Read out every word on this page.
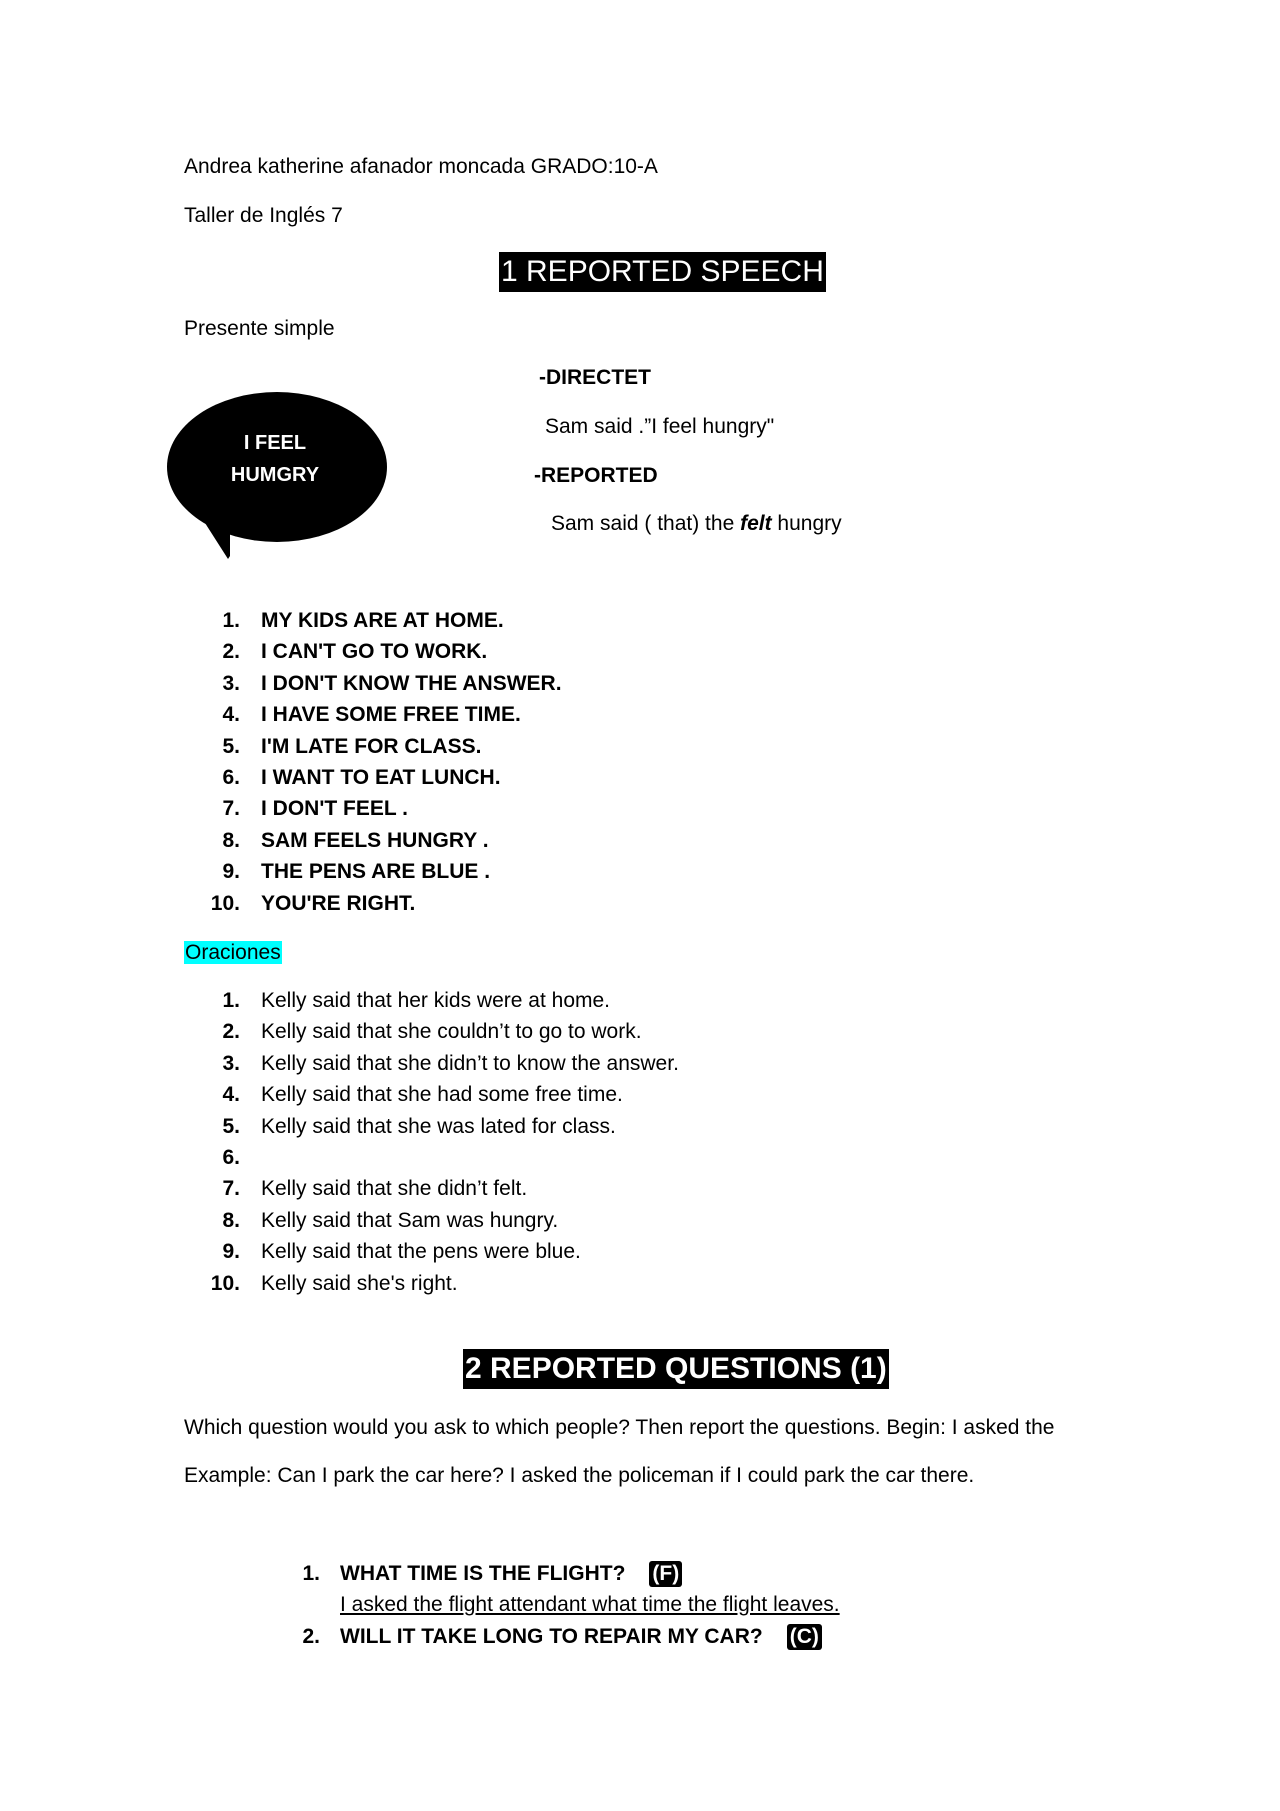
Andrea katherine afanador moncada GRADO:10-A
Taller de Inglés 7
1 REPORTED SPEECH
Presente simple
I FEEL
HUMGRY
-DIRECTET
Sam said .”I feel hungry"
-REPORTED
Sam said ( that) the felt hungry
1. MY KIDS ARE AT HOME.
2. I CAN'T GO TO WORK.
3. I DON'T KNOW THE ANSWER.
4. I HAVE SOME FREE TIME.
5. I'M LATE FOR CLASS.
6. I WANT TO EAT LUNCH.
7. I DON'T FEEL .
8. SAM FEELS HUNGRY .
9. THE PENS ARE BLUE .
10. YOU'RE RIGHT.
Oraciones
1. Kelly said that her kids were at home.
2. Kelly said that she couldn’t to go to work.
3. Kelly said that she didn’t to know the answer.
4. Kelly said that she had some free time.
5. Kelly said that she was lated for class.
6.
7. Kelly said that she didn’t felt.
8. Kelly said that Sam was hungry.
9. Kelly said that the pens were blue.
10. Kelly said she's right.
2 REPORTED QUESTIONS (1)
Which question would you ask to which people? Then report the questions. Begin: I asked the
Example: Can I park the car here? I asked the policeman if I could park the car there.
1. WHAT TIME IS THE FLIGHT? (F)
I asked the flight attendant what time the flight leaves.
2. WILL IT TAKE LONG TO REPAIR MY CAR? (C)
